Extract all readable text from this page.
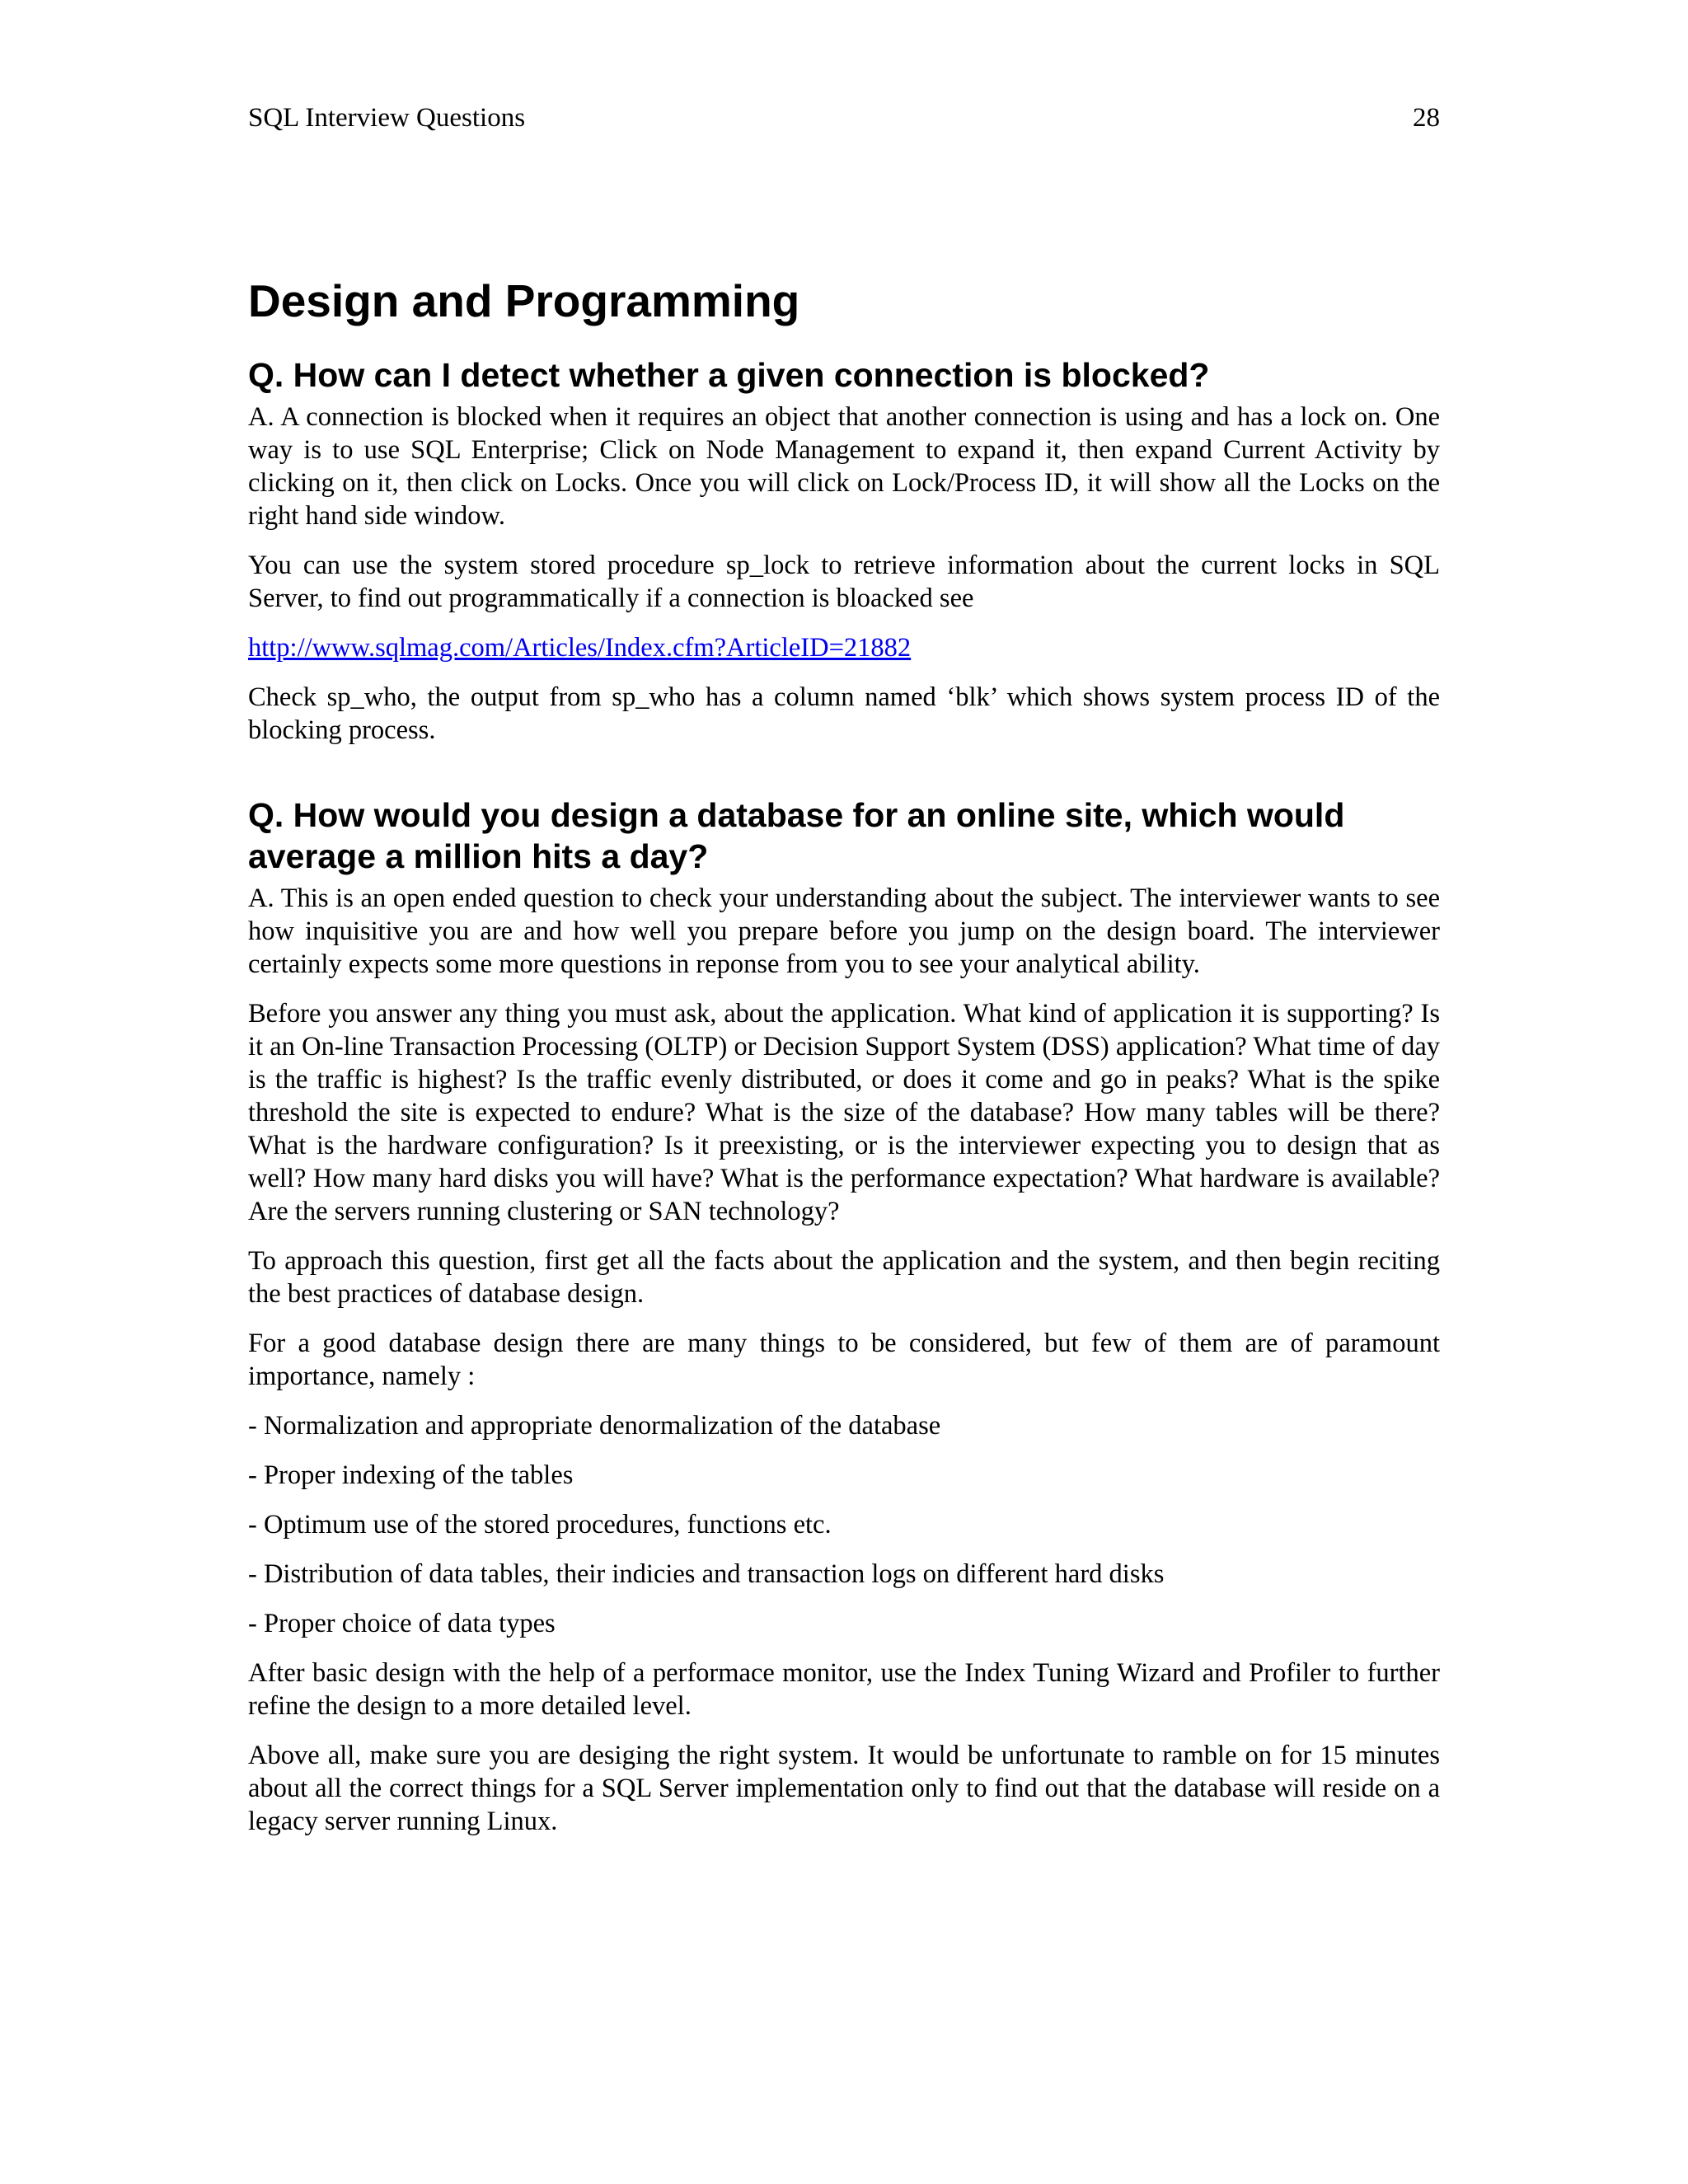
SQL Interview Questions	28
Design and Programming
Q. How can I detect whether a given connection is blocked?

A. A connection is blocked when it requires an object that another connection is using and has a lock on. One way is to use SQL Enterprise; Click on Node Management to expand it, then expand Current Activity by clicking on it, then click on Locks. Once you will click on Lock/Process ID, it will show all the Locks on the right hand side window.

You can use the system stored procedure sp_lock to retrieve information about the current locks in SQL Server, to find out programmatically if a connection is bloacked see

http://www.sqlmag.com/Articles/Index.cfm?ArticleID=21882

Check sp_who, the output from sp_who has a column named ‘blk’ which shows system process ID of the blocking process.

Q. How would you design a database for an online site, which would average a million hits a day?

A. This is an open ended question to check your understanding about the subject. The interviewer wants to see how inquisitive you are and how well you prepare before you jump on the design board. The interviewer certainly expects some more questions in reponse from you to see your analytical ability.

Before you answer any thing you must ask, about the application. What kind of application it is supporting? Is it an On-line Transaction Processing (OLTP) or Decision Support System (DSS) application? What time of day is the traffic is highest? Is the traffic evenly distributed, or does it come and go in peaks? What is the spike threshold the site is expected to endure? What is the size of the database? How many tables will be there? What is the hardware configuration? Is it preexisting, or is the interviewer expecting you to design that as well? How many hard disks you will have? What is the performance expectation? What hardware is available? Are the servers running clustering or SAN technology?

To approach this question, first get all the facts about the application and the system, and then begin reciting the best practices of database design.

For a good database design there are many things to be considered, but few of them are of paramount importance, namely :

- Normalization and appropriate denormalization of the database

- Proper indexing of the tables

- Optimum use of the stored procedures, functions etc.

- Distribution of data tables, their indicies and transaction logs on different hard disks

- Proper choice of data types

After basic design with the help of a performace monitor, use the Index Tuning Wizard and Profiler to further refine the design to a more detailed level.

Above all, make sure you are desiging the right system. It would be unfortunate to ramble on for 15 minutes about all the correct things for a SQL Server implementation only to find out that the database will reside on a legacy server running Linux.
